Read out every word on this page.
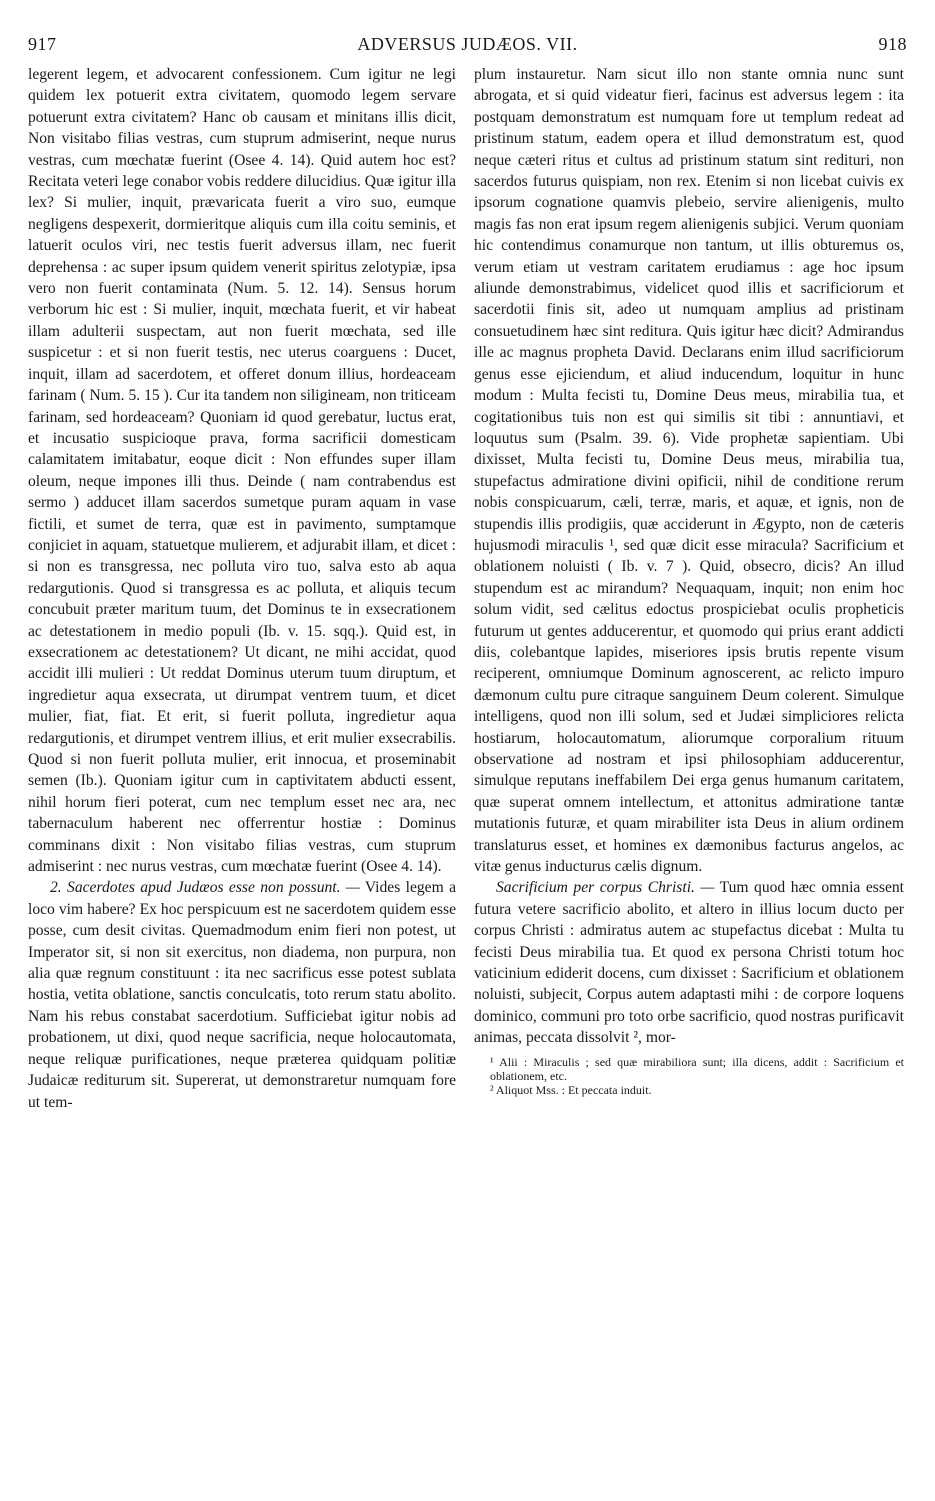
917	ADVERSUS JUDÆOS. VII.	918

legerent legem, et advocarent confessionem. Cum igitur ne legi quidem lex potuerit extra civitatem, quomodo legem servare potuerunt extra civitatem? Hanc ob causam et minitans illis dicit, Non visitabo filias vestras, cum stuprum admiserint, neque nurus vestras, cum mœchatæ fuerint (Osee 4. 14). Quid autem hoc est? Recitata veteri lege conabor vobis reddere dilucidius. Quæ igitur illa lex? Si mulier, inquit, prævaricata fuerit a viro suo, eumque negligens despexerit, dormieritque aliquis cum illa coitu seminis, et latuerit oculos viri, nec testis fuerit adversus illam, nec fuerit deprehensa : ac super ipsum quidem venerit spiritus zelotypiæ, ipsa vero non fuerit contaminata (Num. 5. 12. 14). Sensus horum verborum hic est : Si mulier, inquit, mœchata fuerit, et vir habeat illam adulterii suspectam, aut non fuerit mœchata, sed ille suspicetur : et si non fuerit testis, nec uterus coarguens : Ducet, inquit, illam ad sacerdotem, et offeret donum illius, hordeaceam farinam ( Num. 5. 15 ). Cur ita tandem non siligineam, non triticeam farinam, sed hordeaceam? Quoniam id quod gerebatur, luctus erat, et incusatio suspicioque prava, forma sacrificii domesticam calamitatem imitabatur, eoque dicit : Non effundes super illam oleum, neque impones illi thus. Deinde ( nam contrabendus est sermo ) adducet illam sacerdos sumetque puram aquam in vase fictili, et sumet de terra, quæ est in pavimento, sumptamque conjiciet in aquam, statuetque mulierem, et adjurabit illam, et dicet : si non es transgressa, nec polluta viro tuo, salva esto ab aqua redargutionis. Quod si transgressa es ac polluta, et aliquis tecum concubuit præter maritum tuum, det Dominus te in exsecrationem ac detestationem in medio populi (Ib. v. 15. sqq.). Quid est, in exsecrationem ac detestationem? Ut dicant, ne mihi accidat, quod accidit illi mulieri : Ut reddat Dominus uterum tuum diruptum, et ingredietur aqua exsecrata, ut dirumpat ventrem tuum, et dicet mulier, fiat, fiat. Et erit, si fuerit polluta, ingredietur aqua redargutionis, et dirumpet ventrem illius, et erit mulier exsecrabilis. Quod si non fuerit polluta mulier, erit innocua, et proseminabit semen (Ib.). Quoniam igitur cum in captivitatem abducti essent, nihil horum fieri poterat, cum nec templum esset nec ara, nec tabernaculum haberent nec offerrentur hostiæ : Dominus comminans dixit : Non visitabo filias vestras, cum stuprum admiserint : nec nurus vestras, cum mœchatæ fuerint (Osee 4. 14).

2. Sacerdotes apud Judæos esse non possunt. — Vides legem a loco vim habere? Ex hoc perspicuum est ne sacerdotem quidem esse posse, cum desit civitas. Quemadmodum enim fieri non potest, ut Imperator sit, si non sit exercitus, non diadema, non purpura, non alia quæ regnum constituunt : ita nec sacrificus esse potest sublata hostia, vetita oblatione, sanctis conculcatis, toto rerum statu abolito. Nam his rebus constabat sacerdotium. Sufficiebat igitur nobis ad probationem, ut dixi, quod neque sacrificia, neque holocautomata, neque reliquæ purificationes, neque præterea quidquam politiæ Judaicæ rediturum sit. Supererat, ut demonstraretur numquam fore ut tem-

plum instauretur. Nam sicut illo non stante omnia nunc sunt abrogata, et si quid videatur fieri, facinus est adversus legem : ita postquam demonstratum est numquam fore ut templum redeat ad pristinum statum, eadem opera et illud demonstratum est, quod neque cæteri ritus et cultus ad pristinum statum sint redituri, non sacerdos futurus quispiam, non rex. Etenim si non licebat cuivis ex ipsorum cognatione quamvis plebeio, servire alienigenis, multo magis fas non erat ipsum regem alienigenis subjici. Verum quoniam hic contendimus conamurque non tantum, ut illis obturemus os, verum etiam ut vestram caritatem erudiamus : age hoc ipsum aliunde demonstrabimus, videlicet quod illis et sacrificiorum et sacerdotii finis sit, adeo ut numquam amplius ad pristinam consuetudinem hæc sint reditura. Quis igitur hæc dicit? Admirandus ille ac magnus propheta David. Declarans enim illud sacrificiorum genus esse ejiciendum, et aliud inducendum, loquitur in hunc modum : Multa fecisti tu, Domine Deus meus, mirabilia tua, et cogitationibus tuis non est qui similis sit tibi : annuntiavi, et loquutus sum (Psalm. 39. 6). Vide prophetæ sapientiam. Ubi dixisset, Multa fecisti tu, Domine Deus meus, mirabilia tua, stupefactus admiratione divini opificii, nihil de conditione rerum nobis conspicuarum, cæli, terræ, maris, et aquæ, et ignis, non de stupendis illis prodigiis, quæ acciderunt in Ægypto, non de cæteris hujusmodi miraculis ¹, sed quæ dicit esse miracula? Sacrificium et oblationem noluisti ( Ib. v. 7 ). Quid, obsecro, dicis? An illud stupendum est ac mirandum? Nequaquam, inquit; non enim hoc solum vidit, sed cælitus edoctus prospiciebat oculis propheticis futurum ut gentes adducerentur, et quomodo qui prius erant addicti diis, colebantque lapides, miseriores ipsis brutis repente visum reciperent, omniumque Dominum agnoscerent, ac relicto impuro dæmonum cultu pure citraque sanguinem Deum colerent. Simulque intelligens, quod non illi solum, sed et Judæi simpliciores relicta hostiarum, holocautomatum, aliorumque corporalium rituum observatione ad nostram et ipsi philosophiam adducerentur, simulque reputans ineffabilem Dei erga genus humanum caritatem, quæ superat omnem intellectum, et attonitus admiratione tantæ mutationis futuræ, et quam mirabiliter ista Deus in alium ordinem translaturus esset, et homines ex dæmonibus facturus angelos, ac vitæ genus inducturus cælis dignum.

Sacrificium per corpus Christi. — Tum quod hæc omnia essent futura vetere sacrificio abolito, et altero in illius locum ducto per corpus Christi : admiratus autem ac stupefactus dicebat : Multa tu fecisti Deus mirabilia tua. Et quod ex persona Christi totum hoc vaticinium ediderit docens, cum dixisset : Sacrificium et oblationem noluisti, subjecit, Corpus autem adaptasti mihi : de corpore loquens dominico, communi pro toto orbe sacrificio, quod nostras purificavit animas, peccata dissolvit ², mor-

¹ Alii : Miraculis ; sed quæ mirabiliora sunt; illa dicens, addit : Sacrificium et oblationem, etc.
² Aliquot Mss. : Et peccata induit.
